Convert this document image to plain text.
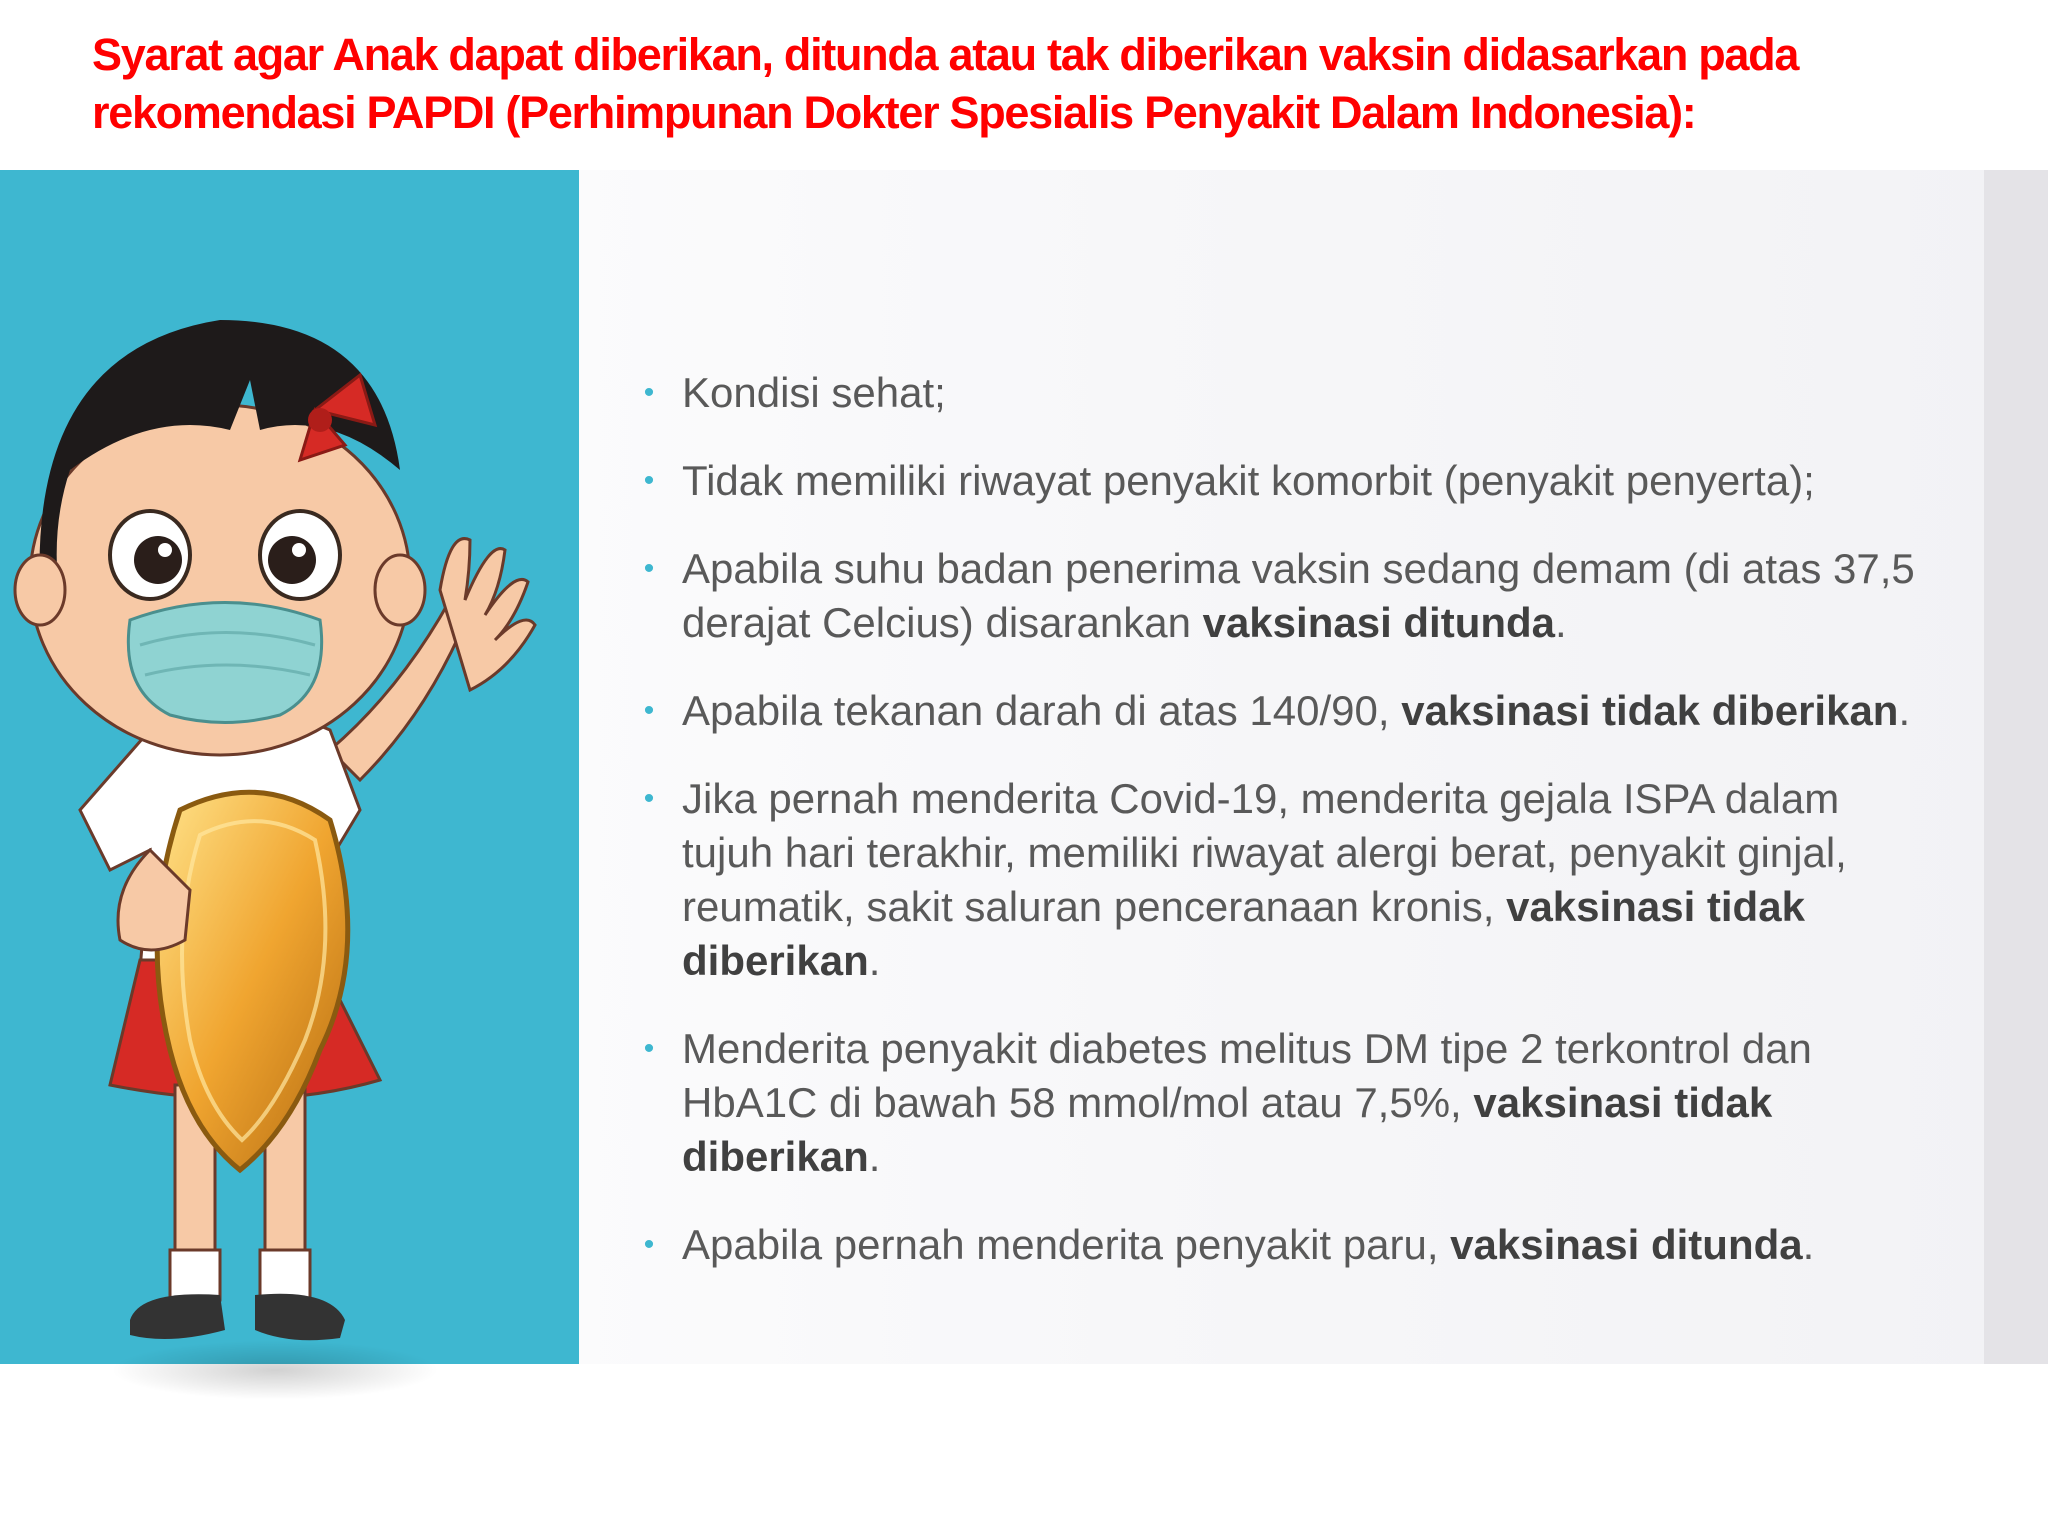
Syarat agar Anak dapat diberikan, ditunda atau tak diberikan vaksin didasarkan pada rekomendasi PAPDI (Perhimpunan Dokter Spesialis Penyakit Dalam Indonesia):
• Kondisi sehat;
• Tidak memiliki riwayat penyakit komorbit (penyakit penyerta);
• Apabila suhu badan penerima vaksin sedang demam (di atas 37,5 derajat Celcius) disarankan vaksinasi ditunda.
• Apabila tekanan darah di atas 140/90, vaksinasi tidak diberikan.
• Jika pernah menderita Covid-19, menderita gejala ISPA dalam tujuh hari terakhir, memiliki riwayat alergi berat, penyakit ginjal, reumatik, sakit saluran penceranaan kronis, vaksinasi tidak diberikan.
• Menderita penyakit diabetes melitus DM tipe 2 terkontrol dan HbA1C di bawah 58 mmol/mol atau 7,5%, vaksinasi tidak diberikan.
• Apabila pernah menderita penyakit paru, vaksinasi ditunda.
